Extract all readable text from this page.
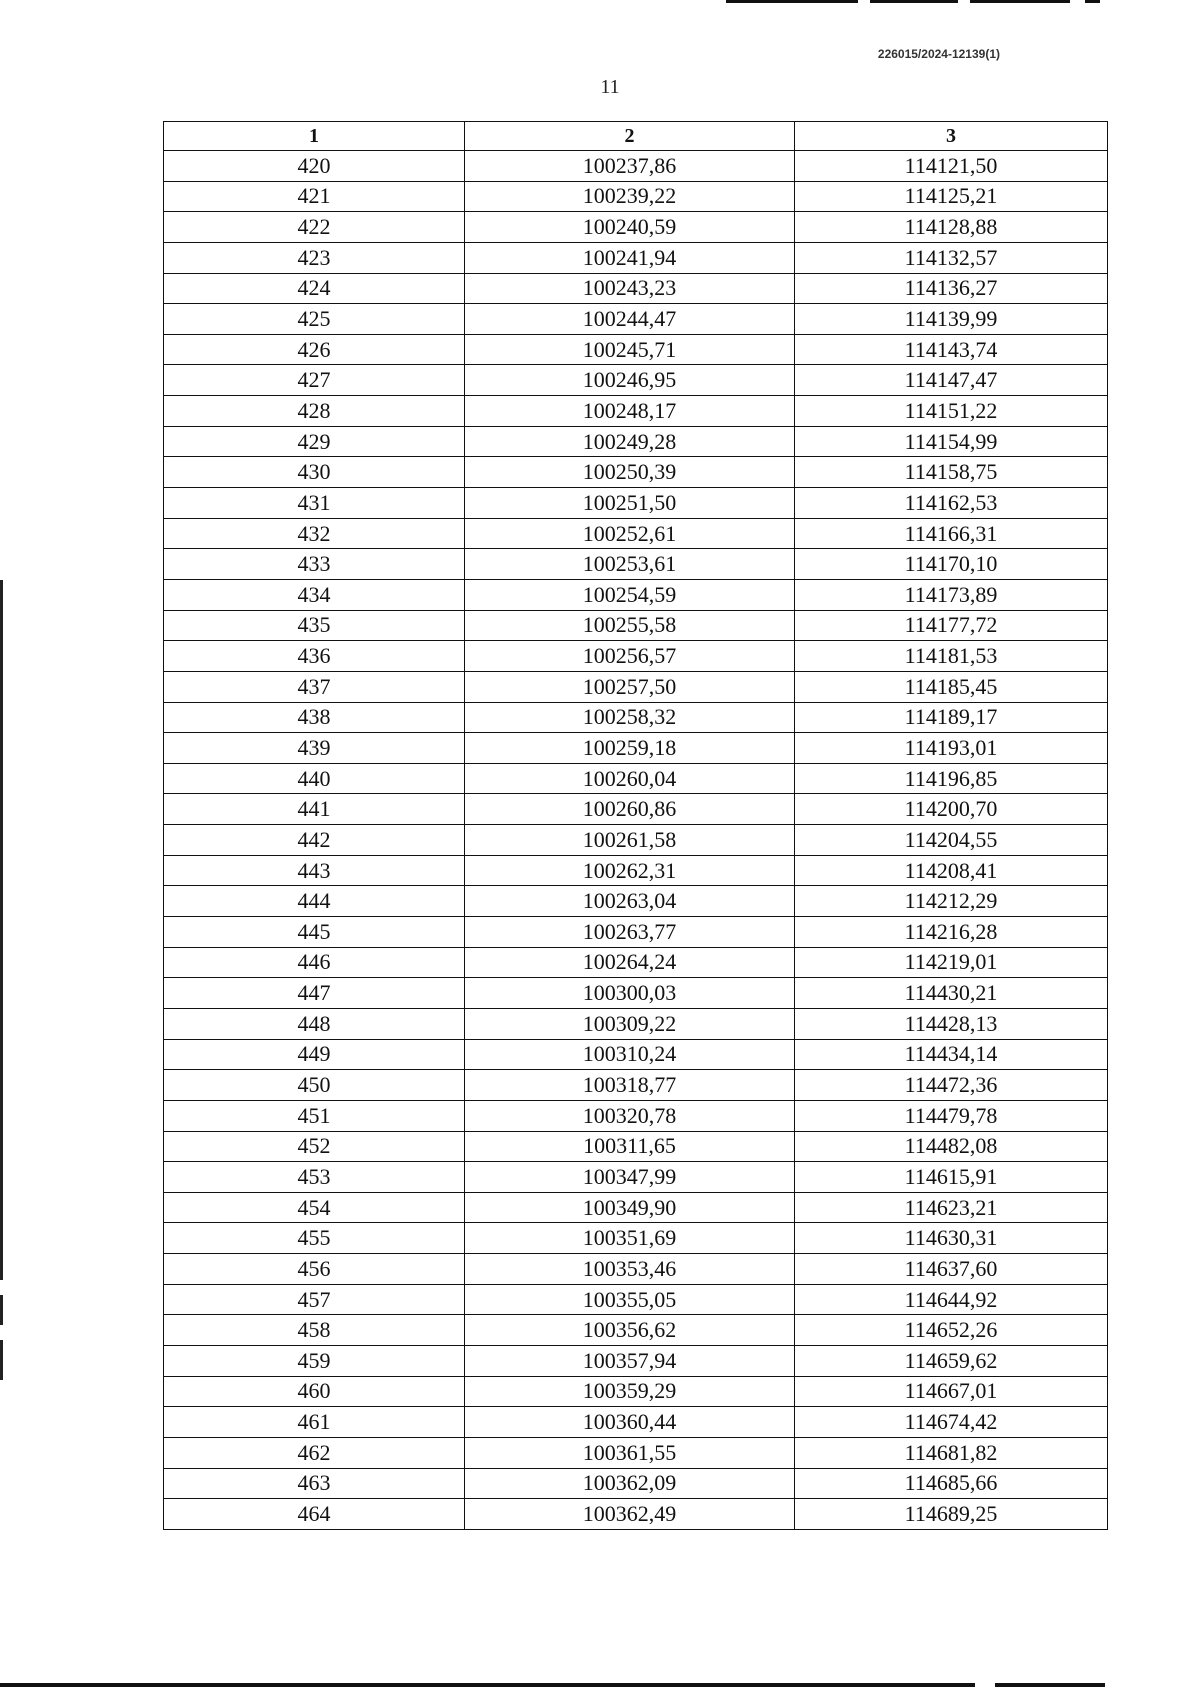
226015/2024-12139(1)
11
1	2	3
420	100237,86	114121,50
421	100239,22	114125,21
422	100240,59	114128,88
423	100241,94	114132,57
424	100243,23	114136,27
425	100244,47	114139,99
426	100245,71	114143,74
427	100246,95	114147,47
428	100248,17	114151,22
429	100249,28	114154,99
430	100250,39	114158,75
431	100251,50	114162,53
432	100252,61	114166,31
433	100253,61	114170,10
434	100254,59	114173,89
435	100255,58	114177,72
436	100256,57	114181,53
437	100257,50	114185,45
438	100258,32	114189,17
439	100259,18	114193,01
440	100260,04	114196,85
441	100260,86	114200,70
442	100261,58	114204,55
443	100262,31	114208,41
444	100263,04	114212,29
445	100263,77	114216,28
446	100264,24	114219,01
447	100300,03	114430,21
448	100309,22	114428,13
449	100310,24	114434,14
450	100318,77	114472,36
451	100320,78	114479,78
452	100311,65	114482,08
453	100347,99	114615,91
454	100349,90	114623,21
455	100351,69	114630,31
456	100353,46	114637,60
457	100355,05	114644,92
458	100356,62	114652,26
459	100357,94	114659,62
460	100359,29	114667,01
461	100360,44	114674,42
462	100361,55	114681,82
463	100362,09	114685,66
464	100362,49	114689,25
